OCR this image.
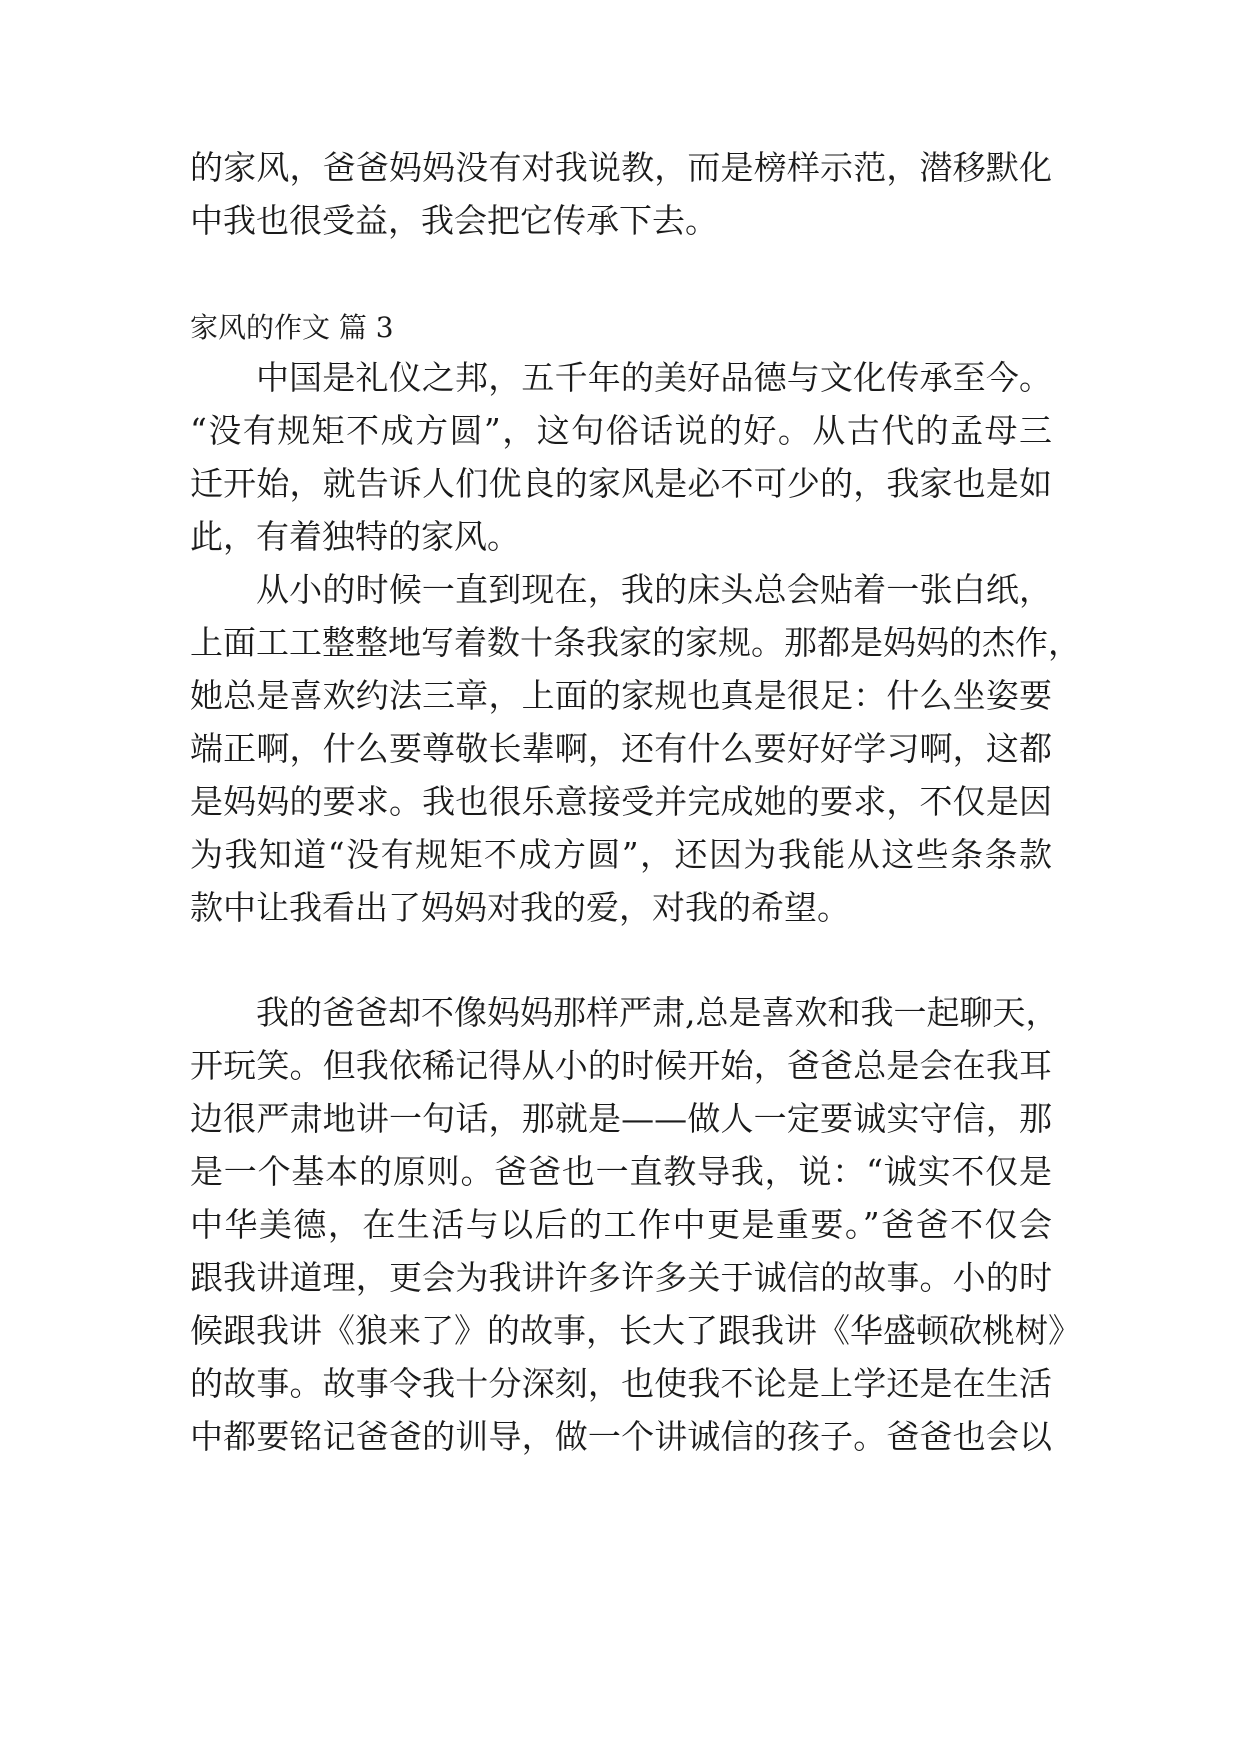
的家风，爸爸妈妈没有对我说教，而是榜样示范，潜移默化
中我也很受益，我会把它传承下去。
家风的作文 篇 3
中国是礼仪之邦，五千年的美好品德与文化传承至今。
“没有规矩不成方圆”，这句俗话说的好。从古代的孟母三
迁开始，就告诉人们优良的家风是必不可少的，我家也是如
此，有着独特的家风。
从小的时候一直到现在，我的床头总会贴着一张白纸，
上面工工整整地写着数十条我家的家规。那都是妈妈的杰作，
她总是喜欢约法三章，上面的家规也真是很足：什么坐姿要
端正啊，什么要尊敬长辈啊，还有什么要好好学习啊，这都
是妈妈的要求。我也很乐意接受并完成她的要求，不仅是因
为我知道“没有规矩不成方圆”，还因为我能从这些条条款
款中让我看出了妈妈对我的爱，对我的希望。
我的爸爸却不像妈妈那样严肃,总是喜欢和我一起聊天，
开玩笑。但我依稀记得从小的时候开始，爸爸总是会在我耳
边很严肃地讲一句话，那就是——做人一定要诚实守信，那
是一个基本的原则。爸爸也一直教导我，说：“诚实不仅是
中华美德，在生活与以后的工作中更是重要。”爸爸不仅会
跟我讲道理，更会为我讲许多许多关于诚信的故事。小的时
候跟我讲《狼来了》的故事，长大了跟我讲《华盛顿砍桃树》
的故事。故事令我十分深刻，也使我不论是上学还是在生活
中都要铭记爸爸的训导，做一个讲诚信的孩子。爸爸也会以
